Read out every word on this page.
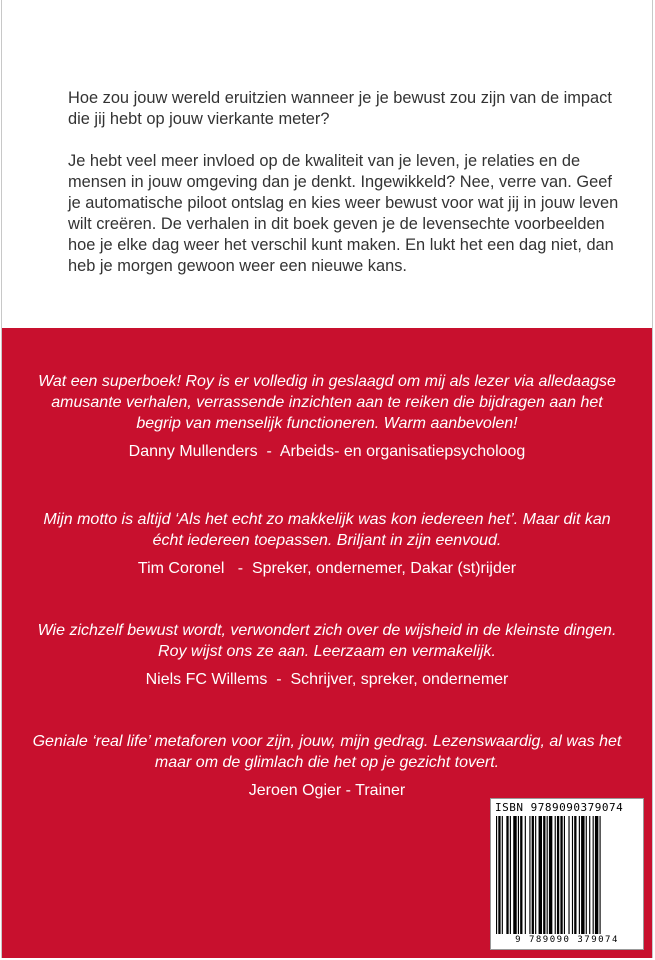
Hoe zou jouw wereld eruitzien wanneer je je bewust zou zijn van de impact die jij hebt op jouw vierkante meter?

Je hebt veel meer invloed op de kwaliteit van je leven, je relaties en de mensen in jouw omgeving dan je denkt. Ingewikkeld? Nee, verre van. Geef je automatische piloot ontslag en kies weer bewust voor wat jij in jouw leven wilt creëren. De verhalen in dit boek geven je de levensechte voorbeelden hoe je elke dag weer het verschil kunt maken. En lukt het een dag niet, dan heb je morgen gewoon weer een nieuwe kans.

Wat een superboek! Roy is er volledig in geslaagd om mij als lezer via alledaagse amusante verhalen, verrassende inzichten aan te reiken die bijdragen aan het begrip van menselijk functioneren. Warm aanbevolen!
Danny Mullenders  -  Arbeids- en organisatiepsycholoog
Mijn motto is altijd ‘Als het echt zo makkelijk was kon iedereen het’. Maar dit kan écht iedereen toepassen. Briljant in zijn eenvoud.
Tim Coronel   -  Spreker, ondernemer, Dakar (st)rijder
Wie zichzelf bewust wordt, verwondert zich over de wijsheid in de kleinste dingen. Roy wijst ons ze aan. Leerzaam en vermakelijk.
Niels FC Willems  -  Schrijver, spreker, ondernemer
Geniale ‘real life’ metaforen voor zijn, jouw, mijn gedrag. Lezenswaardig, al was het maar om de glimlach die het op je gezicht tovert.
Jeroen Ogier - Trainer
ISBN 9789090379074
9 789090 379074
